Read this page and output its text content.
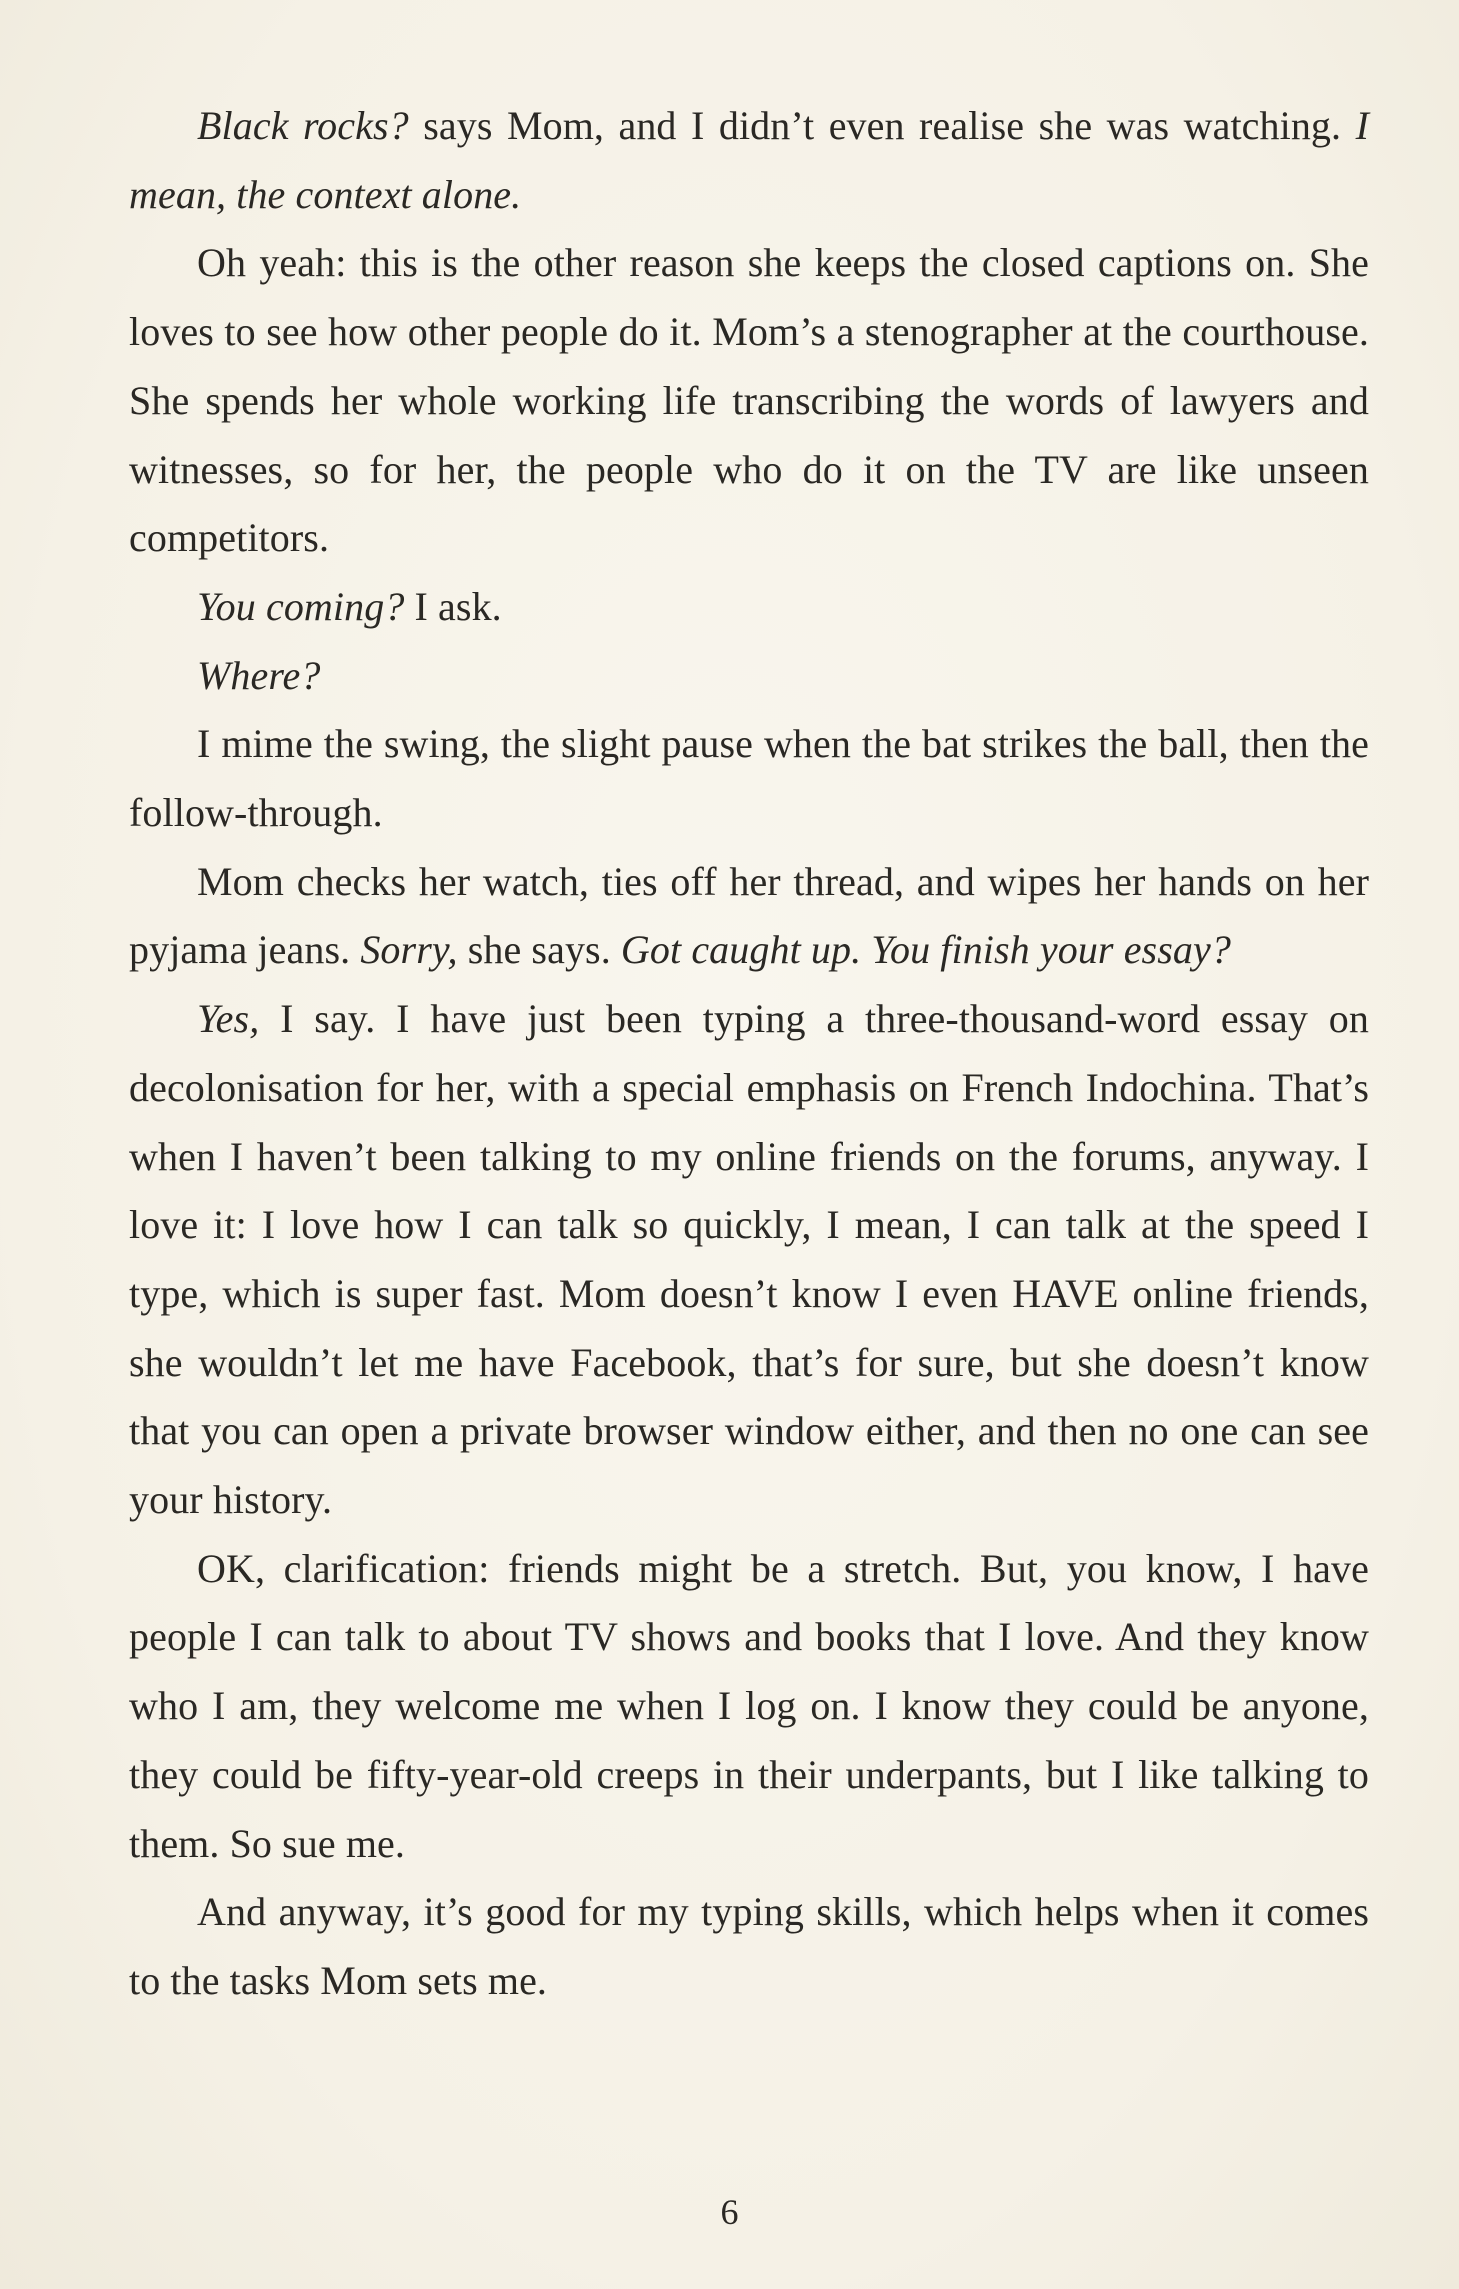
Black rocks? says Mom, and I didn’t even realise she was watching. I mean, the context alone.

Oh yeah: this is the other reason she keeps the closed captions on. She loves to see how other people do it. Mom’s a stenographer at the courthouse. She spends her whole working life transcribing the words of lawyers and witnesses, so for her, the people who do it on the TV are like unseen competitors.

You coming? I ask.

Where?

I mime the swing, the slight pause when the bat strikes the ball, then the follow-through.

Mom checks her watch, ties off her thread, and wipes her hands on her pyjama jeans. Sorry, she says. Got caught up. You finish your essay?

Yes, I say. I have just been typing a three-thousand-word essay on decolonisation for her, with a special emphasis on French Indochina. That’s when I haven’t been talking to my online friends on the forums, anyway. I love it: I love how I can talk so quickly, I mean, I can talk at the speed I type, which is super fast. Mom doesn’t know I even HAVE online friends, she wouldn’t let me have Facebook, that’s for sure, but she doesn’t know that you can open a private browser window either, and then no one can see your history.

OK, clarification: friends might be a stretch. But, you know, I have people I can talk to about TV shows and books that I love. And they know who I am, they welcome me when I log on. I know they could be anyone, they could be fifty-year-old creeps in their underpants, but I like talking to them. So sue me.

And anyway, it’s good for my typing skills, which helps when it comes to the tasks Mom sets me.

6
